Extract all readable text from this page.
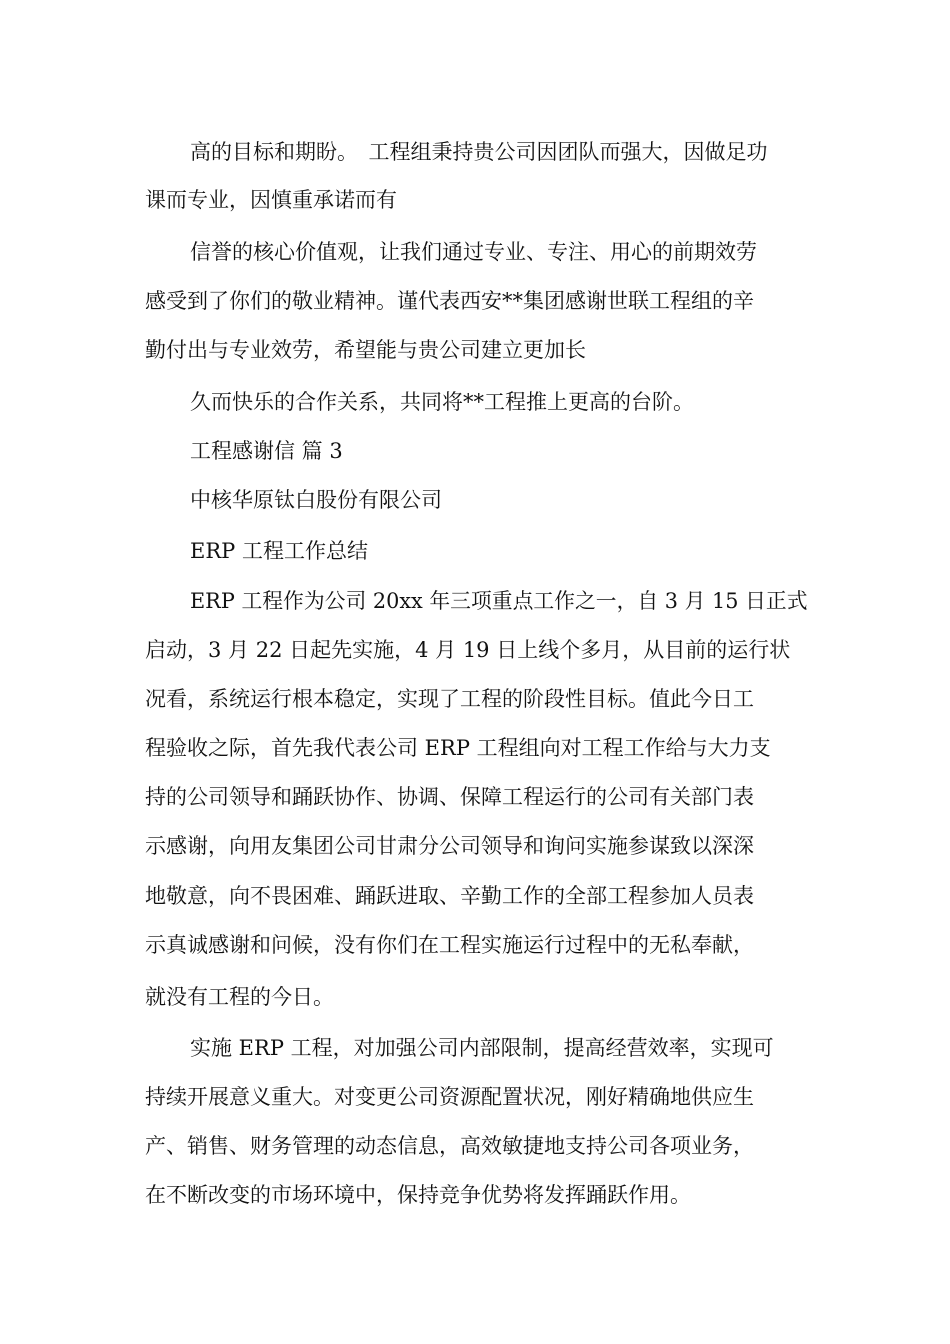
高的目标和期盼。　工程组秉持贵公司因团队而强大，因做足功
课而专业，因慎重承诺而有
信誉的核心价值观，让我们通过专业、专注、用心的前期效劳
感受到了你们的敬业精神。谨代表西安**集团感谢世联工程组的辛
勤付出与专业效劳，希望能与贵公司建立更加长
久而快乐的合作关系，共同将**工程推上更高的台阶。
工程感谢信 篇 3
中核华原钛白股份有限公司
ERP 工程工作总结
ERP 工程作为公司 20xx 年三项重点工作之一，自 3 月 15 日正式
启动，3 月 22 日起先实施，4 月 19 日上线个多月，从目前的运行状
况看，系统运行根本稳定，实现了工程的阶段性目标。值此今日工
程验收之际，首先我代表公司 ERP 工程组向对工程工作给与大力支
持的公司领导和踊跃协作、协调、保障工程运行的公司有关部门表
示感谢，向用友集团公司甘肃分公司领导和询问实施参谋致以深深
地敬意，向不畏困难、踊跃进取、辛勤工作的全部工程参加人员表
示真诚感谢和问候，没有你们在工程实施运行过程中的无私奉献，
就没有工程的今日。
实施 ERP 工程，对加强公司内部限制，提高经营效率，实现可
持续开展意义重大。对变更公司资源配置状况，刚好精确地供应生
产、销售、财务管理的动态信息，高效敏捷地支持公司各项业务，
在不断改变的市场环境中，保持竞争优势将发挥踊跃作用。
